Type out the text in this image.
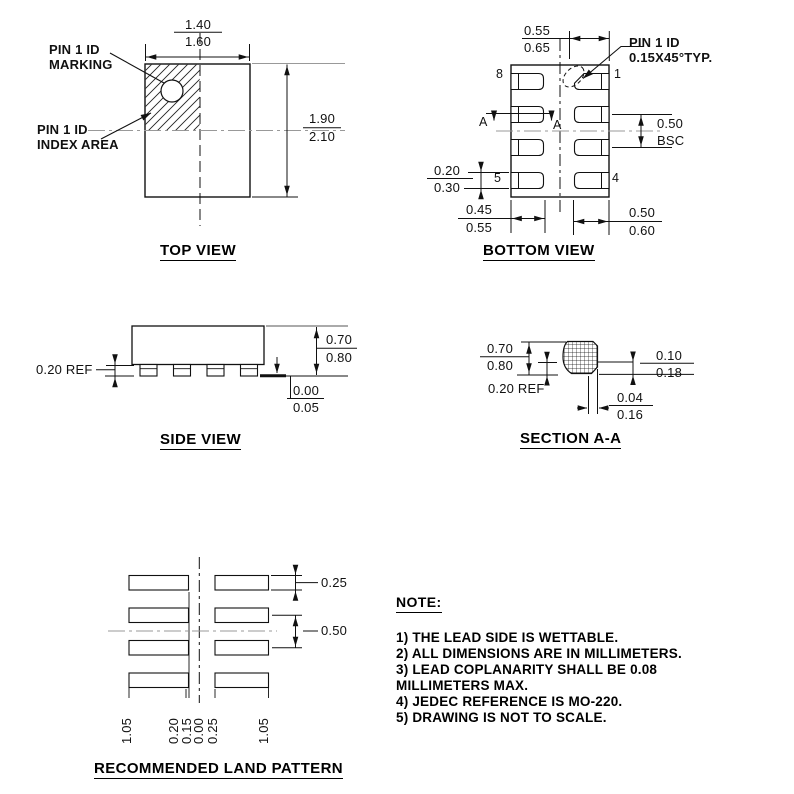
PIN 1 ID
MARKING
PIN 1 ID
INDEX AREA
1.40
1.60
1.90
2.10
TOP VIEW
0.55
0.65	PIN 1 ID
0.15X45°TYP.
8	1
5	4
A	A	0.50
BSC
0.20
0.30
0.45
0.55
0.50
0.60
BOTTOM VIEW
0.20 REF
0.70
0.80
0.00
0.05
SIDE VIEW
0.70
0.80
0.20 REF
0.10
0.18
0.04
0.16
SECTION A-A
0.25
0.50
1.05 0.20
0.15
0.00 0.25	1.05
RECOMMENDED LAND PATTERN
NOTE:
1) THE LEAD SIDE IS WETTABLE.
2) ALL DIMENSIONS ARE IN MILLIMETERS.
3) LEAD COPLANARITY SHALL BE 0.08
MILLIMETERS MAX.
4) JEDEC REFERENCE IS MO-220.
5) DRAWING IS NOT TO SCALE.
